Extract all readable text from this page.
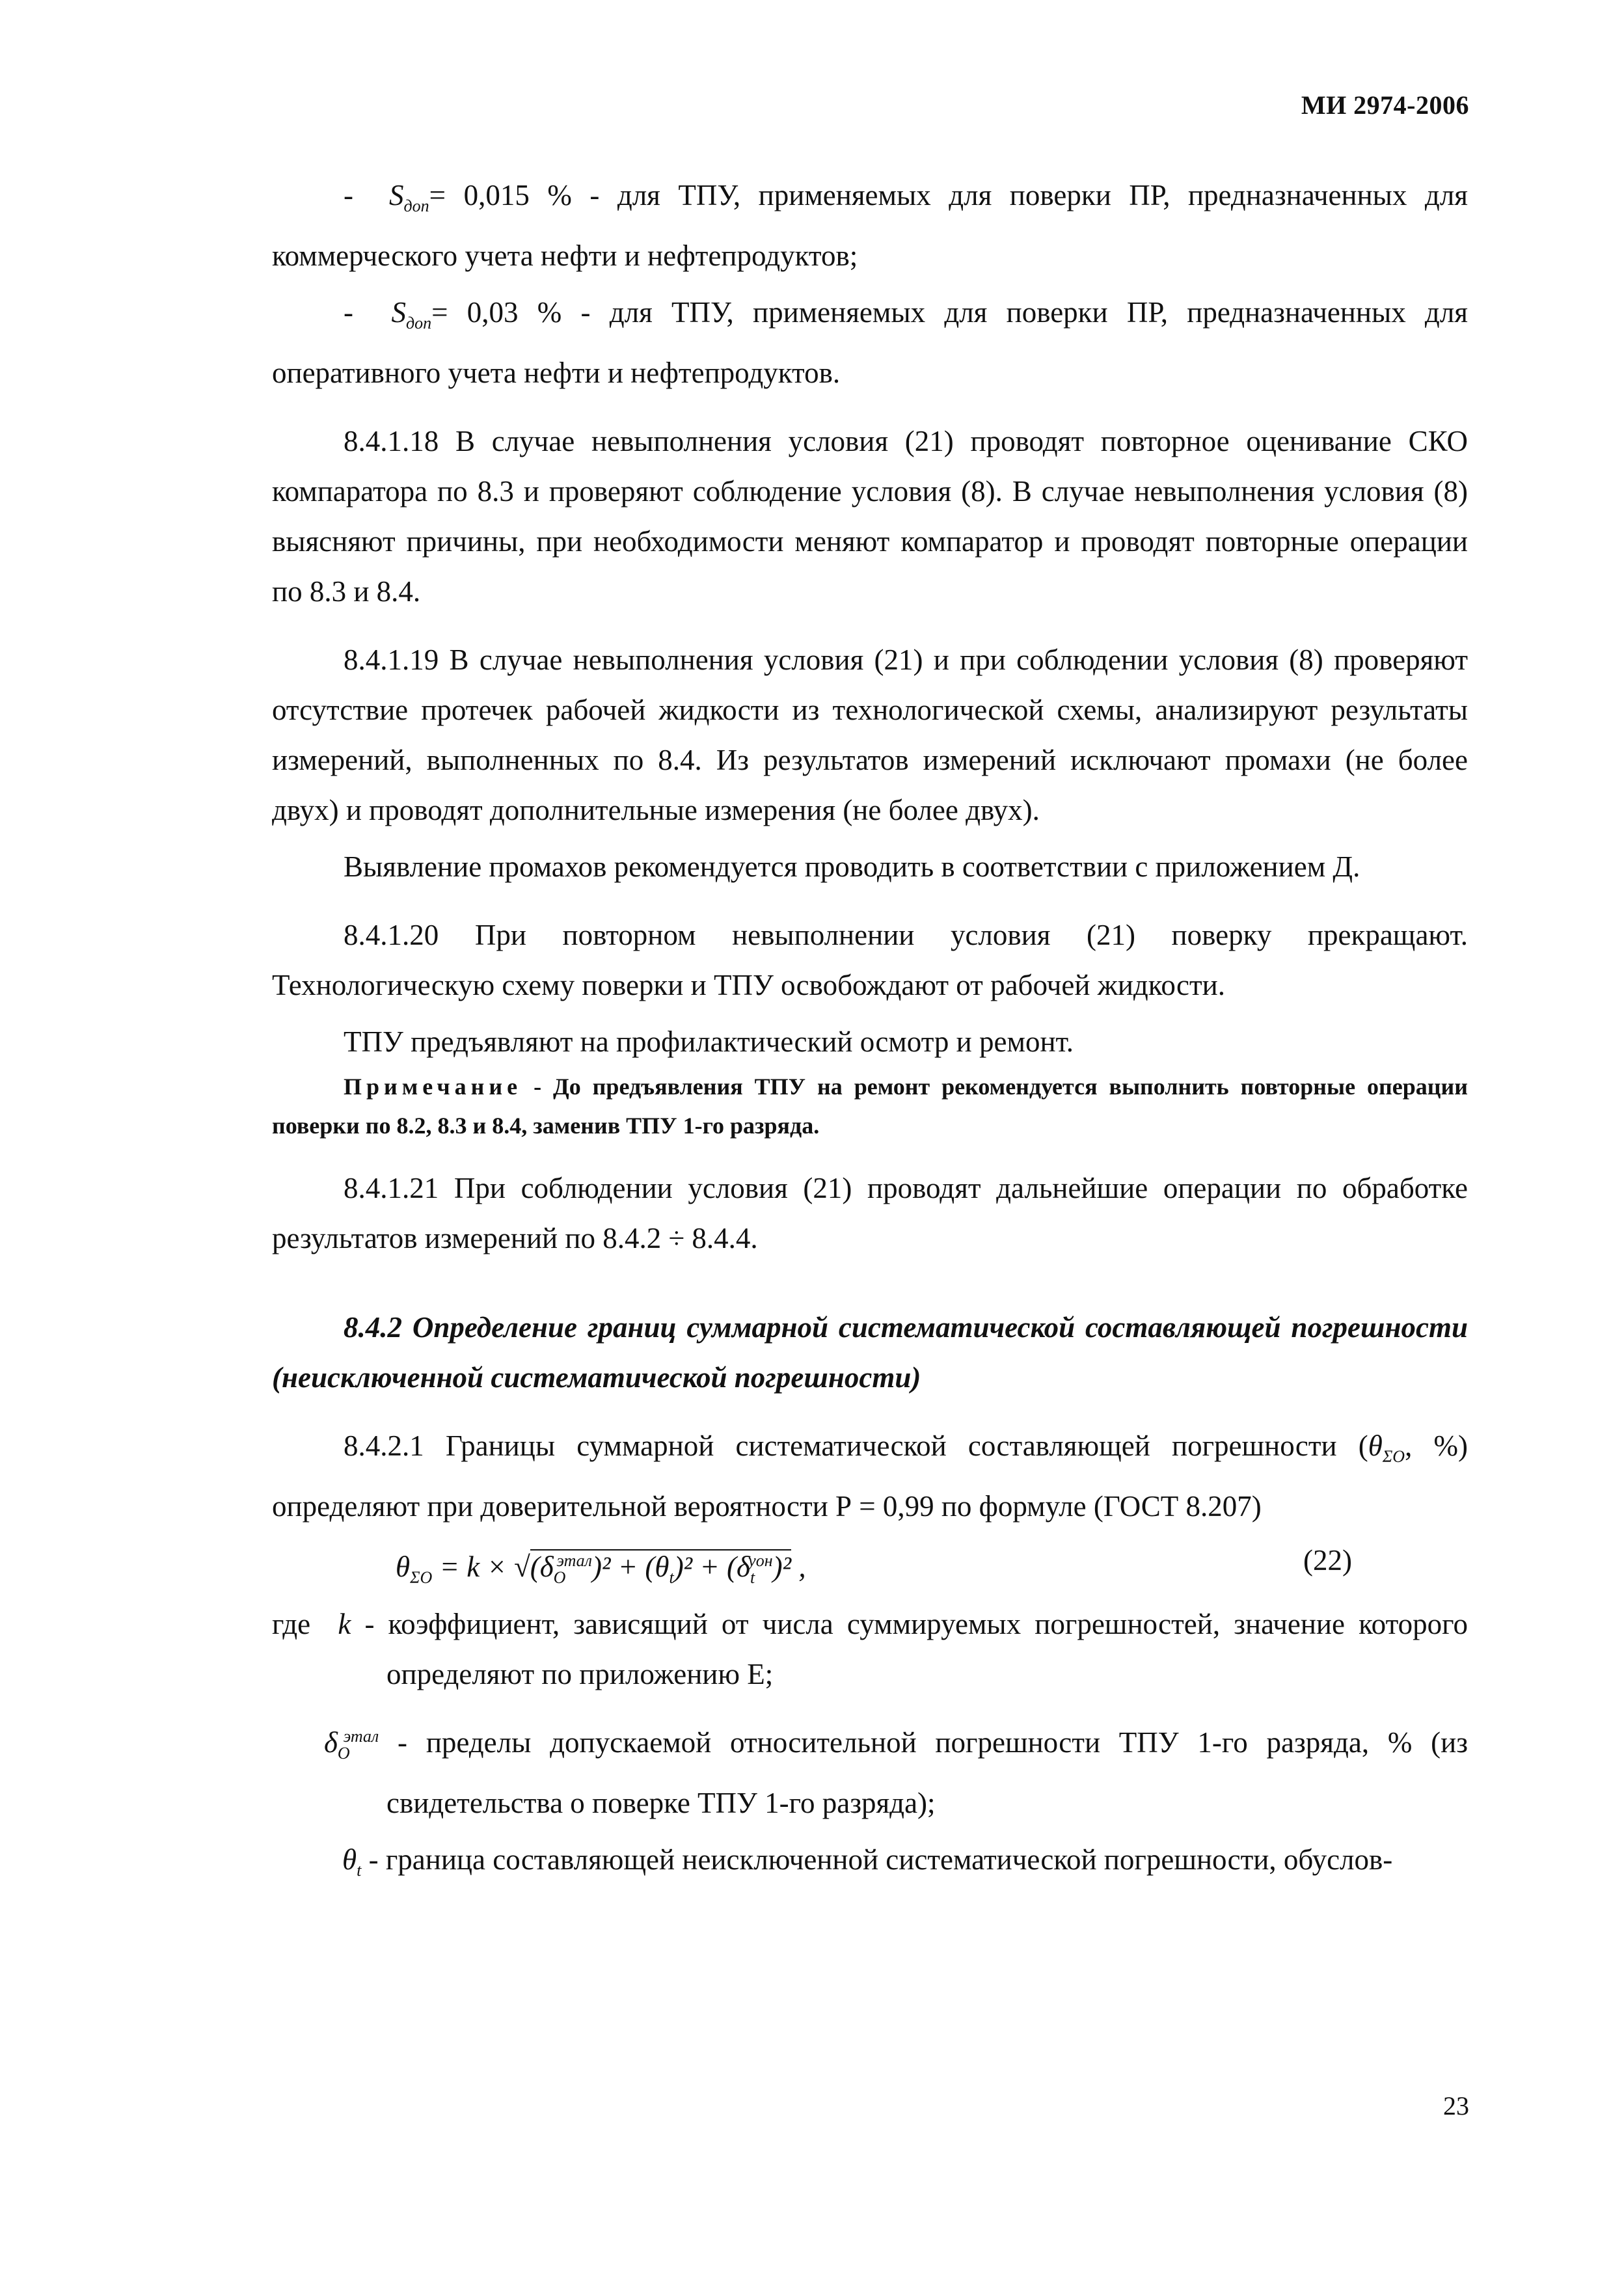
МИ 2974-2006

-  $S_{доп}= 0,015$ % - для ТПУ, применяемых для поверки ПР, предназначенных для коммерческого учета нефти и нефтепродуктов;

-  $S_{доп}= 0,03$ % - для ТПУ, применяемых для поверки ПР, предназначенных для оперативного учета нефти и нефтепродуктов.

8.4.1.18 В случае невыполнения условия (21) проводят повторное оценивание СКО компаратора по 8.3 и проверяют соблюдение условия (8). В случае невыполнения условия (8) выясняют причины, при необходимости меняют компаратор и проводят повторные операции по 8.3 и 8.4.

8.4.1.19 В случае невыполнения условия (21) и при соблюдении условия (8) проверяют отсутствие протечек рабочей жидкости из технологической схемы, анализируют результаты измерений, выполненных по 8.4. Из результатов измерений исключают промахи (не более двух) и проводят дополнительные измерения (не более двух).

Выявление промахов рекомендуется проводить в соответствии с приложением Д.

8.4.1.20 При повторном невыполнении условия (21) поверку прекращают. Технологическую схему поверки и ТПУ освобождают от рабочей жидкости.

ТПУ предъявляют на профилактический осмотр и ремонт.

Примечание - До предъявления ТПУ на ремонт рекомендуется выполнить повторные операции поверки по 8.2, 8.3 и 8.4, заменив ТПУ 1-го разряда.

8.4.1.21 При соблюдении условия (21) проводят дальнейшие операции по обработке результатов измерений по 8.4.2 ÷ 8.4.4.

8.4.2 Определение границ суммарной систематической составляющей погрешности (неисключенной систематической погрешности)

8.4.2.1 Границы суммарной систематической составляющей погрешности ($\theta_{\Sigma O}$, %) определяют при доверительной вероятности Р = 0,99 по формуле (ГОСТ 8.207)

$\theta_{\Sigma O} = k \times √(\delta_O^{этал})^2 + (\theta_t)^2 + (\delta_t^{уон})^2$ ,	(22)

где k - коэффициент, зависящий от числа суммируемых погрешностей, значение которого определяют по приложению Е;

$\delta_O^{этал}$ - пределы допускаемой относительной погрешности ТПУ 1-го разряда, % (из свидетельства о поверке ТПУ 1-го разряда);

$\theta_t$ - граница составляющей неисключенной систематической погрешности, обуслов-

23
